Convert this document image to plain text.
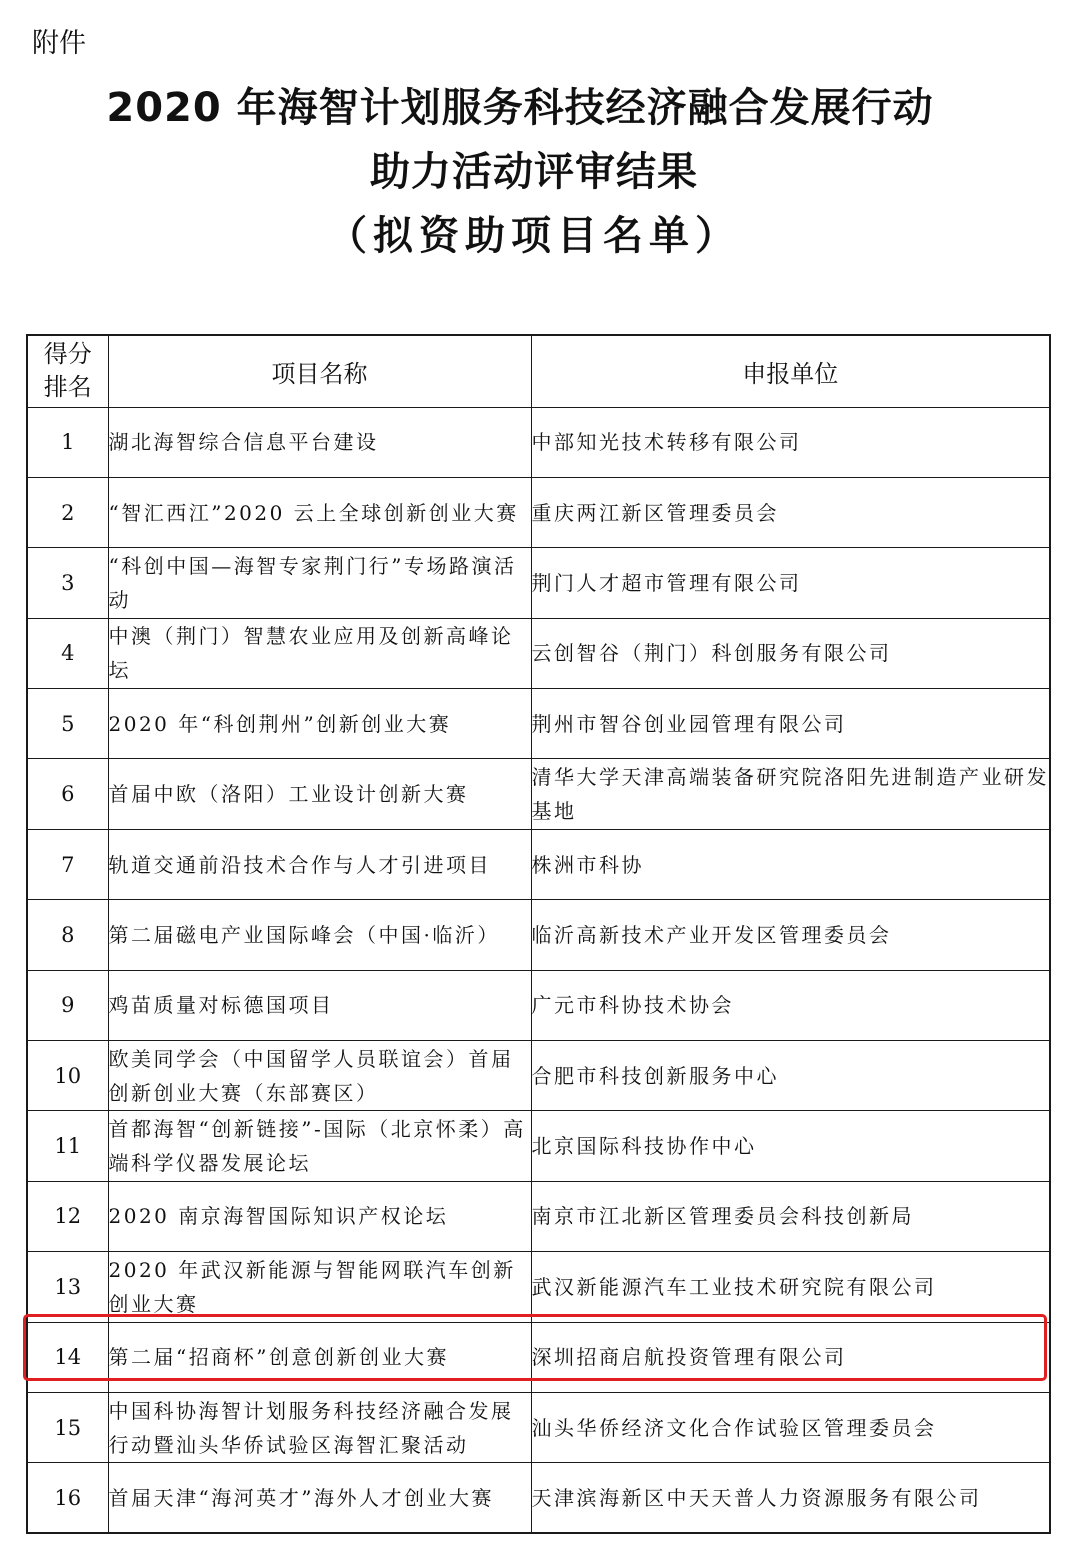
附件
2020 年海智计划服务科技经济融合发展行动
助力活动评审结果
（拟资助项目名单）
得分
排名	项目名称	申报单位
1	湖北海智综合信息平台建设	中部知光技术转移有限公司
2	“智汇西江”2020 云上全球创新创业大赛	重庆两江新区管理委员会
3	“科创中国—海智专家荆门行”专场路演活动	荆门人才超市管理有限公司
4	中澳（荆门）智慧农业应用及创新高峰论坛	云创智谷（荆门）科创服务有限公司
5	2020 年“科创荆州”创新创业大赛	荆州市智谷创业园管理有限公司
6	首届中欧（洛阳）工业设计创新大赛	清华大学天津高端装备研究院洛阳先进制造产业研发基地
7	轨道交通前沿技术合作与人才引进项目	株洲市科协
8	第二届磁电产业国际峰会（中国·临沂）	临沂高新技术产业开发区管理委员会
9	鸡苗质量对标德国项目	广元市科协技术协会
10	欧美同学会（中国留学人员联谊会）首届创新创业大赛（东部赛区）	合肥市科技创新服务中心
11	首都海智“创新链接”-国际（北京怀柔）高端科学仪器发展论坛	北京国际科技协作中心
12	2020 南京海智国际知识产权论坛	南京市江北新区管理委员会科技创新局
13	2020 年武汉新能源与智能网联汽车创新创业大赛	武汉新能源汽车工业技术研究院有限公司
14	第二届“招商杯”创意创新创业大赛	深圳招商启航投资管理有限公司
15	中国科协海智计划服务科技经济融合发展行动暨汕头华侨试验区海智汇聚活动	汕头华侨经济文化合作试验区管理委员会
16	首届天津“海河英才”海外人才创业大赛	天津滨海新区中天天普人力资源服务有限公司
